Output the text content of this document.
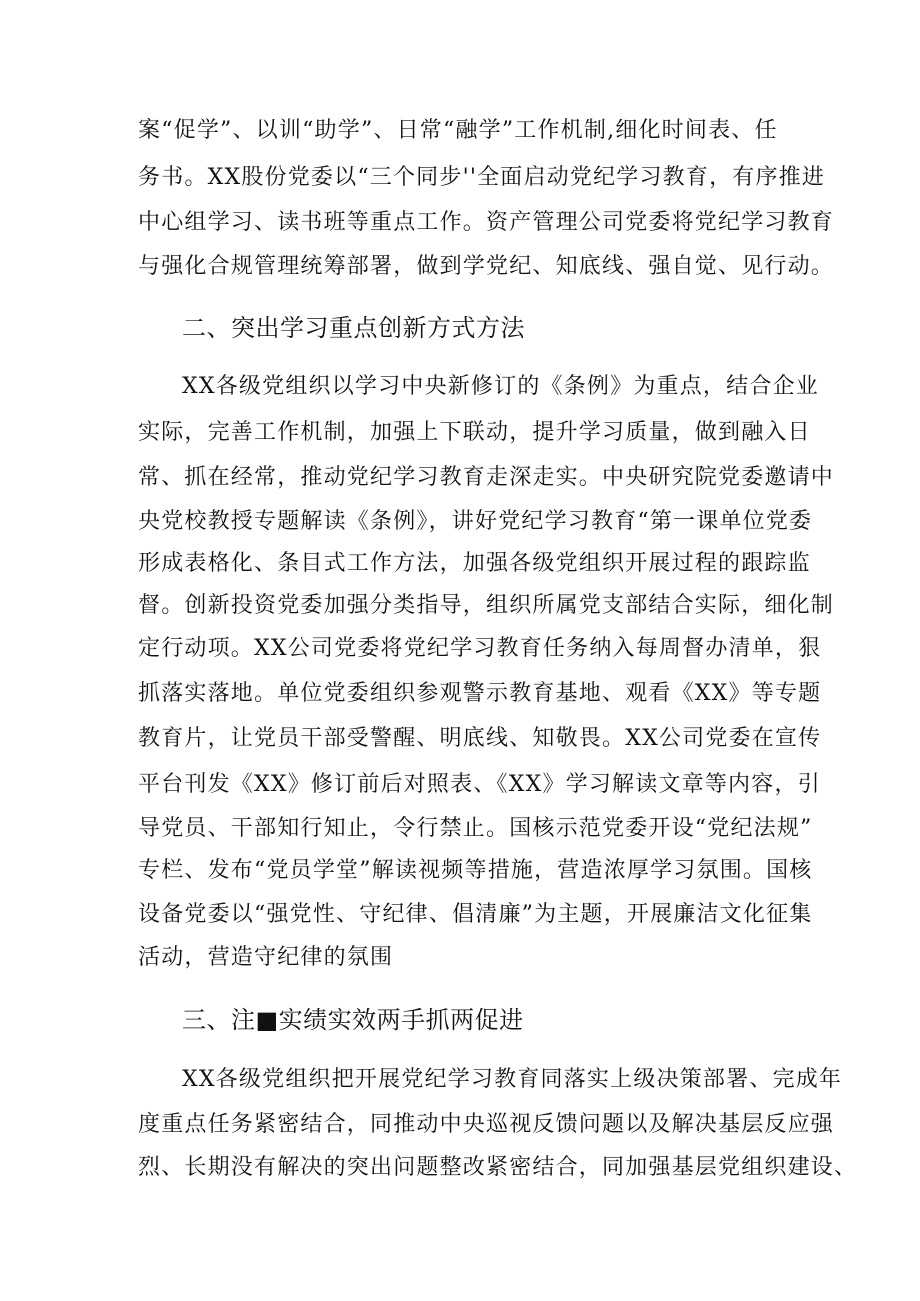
案“促学”、以训“助学”、日常“融学”工作机制,细化时间表、任
务书。XX股份党委以“三个同步''全面启动党纪学习教育，有序推进
中心组学习、读书班等重点工作。资产管理公司党委将党纪学习教育
与强化合规管理统筹部署，做到学党纪、知底线、强自觉、见行动。
二、突出学习重点创新方式方法
XX各级党组织以学习中央新修订的《条例》为重点，结合企业
实际，完善工作机制，加强上下联动，提升学习质量，做到融入日
常、抓在经常，推动党纪学习教育走深走实。中央研究院党委邀请中
央党校教授专题解读《条例》，讲好党纪学习教育“第一课单位党委
形成表格化、条目式工作方法，加强各级党组织开展过程的跟踪监
督。创新投资党委加强分类指导，组织所属党支部结合实际，细化制
定行动项。XX公司党委将党纪学习教育任务纳入每周督办清单，狠
抓落实落地。单位党委组织参观警示教育基地、观看《XX》等专题
教育片，让党员干部受警醒、明底线、知敬畏。XX公司党委在宣传
平台刊发《XX》修订前后对照表、《XX》学习解读文章等内容，引
导党员、干部知行知止，令行禁止。国核示范党委开设“党纪法规”
专栏、发布“党员学堂”解读视频等措施，营造浓厚学习氛围。国核
设备党委以“强党性、守纪律、倡清廉”为主题，开展廉洁文化征集
活动，营造守纪律的氛围
三、注■实绩实效两手抓两促进
XX各级党组织把开展党纪学习教育同落实上级决策部署、完成年
度重点任务紧密结合，同推动中央巡视反馈问题以及解决基层反应强
烈、长期没有解决的突出问题整改紧密结合，同加强基层党组织建设、
